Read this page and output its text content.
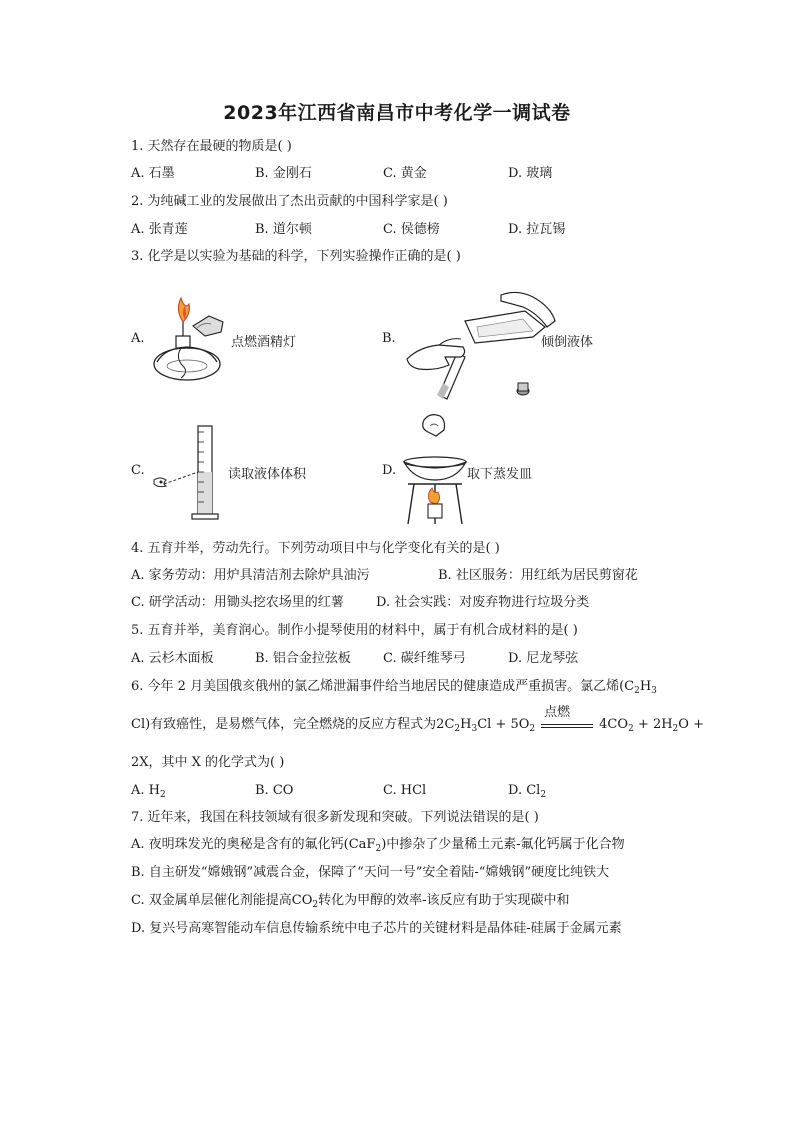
2023年江西省南昌市中考化学一调试卷
1. 天然存在最硬的物质是( )
A. 石墨	B. 金刚石	C. 黄金	D. 玻璃
2. 为纯碱工业的发展做出了杰出贡献的中国科学家是( )
A. 张青莲	B. 道尔顿	C. 侯德榜	D. 拉瓦锡
3. 化学是以实验为基础的科学，下列实验操作正确的是( )
A.	点燃酒精灯	B.	倾倒液体
C.	读取液体体积	D.	取下蒸发皿
4. 五育并举，劳动先行。下列劳动项目中与化学变化有关的是( )
A. 家务劳动：用炉具清洁剂去除炉具油污	B. 社区服务：用红纸为居民剪窗花
C. 研学活动：用锄头挖农场里的红薯 D. 社会实践：对废弃物进行垃圾分类
5. 五育并举，美育润心。制作小提琴使用的材料中，属于有机合成材料的是( )
A. 云杉木面板	B. 铝合金拉弦板 C. 碳纤维琴弓	D. 尼龙琴弦
6. 今年 2 月美国俄亥俄州的氯乙烯泄漏事件给当地居民的健康造成严重损害。氯乙烯($C_2H_3$
Cl)有致癌性，是易燃气体，完全燃烧的反应方程式为$2C_2H_3Cl + 5O_2$
点燃
$4CO_2 + 2H_2O$ +
2X，其中 X 的化学式为( )
A. $H_2$	B. CO	C. HCl	D. $Cl_2$
7. 近年来，我国在科技领域有很多新发现和突破。下列说法错误的是( )
A. 夜明珠发光的奥秘是含有的氟化钙(CaF$_2$)中掺杂了少量稀土元素-氟化钙属于化合物
B. 自主研发“嫦娥钢”减震合金，保障了“天问一号”安全着陆-“嫦娥钢”硬度比纯铁大
C. 双金属单层催化剂能提高$CO_2$转化为甲醇的效率-该反应有助于实现碳中和
D. 复兴号高寒智能动车信息传输系统中电子芯片的关键材料是晶体硅-硅属于金属元素
